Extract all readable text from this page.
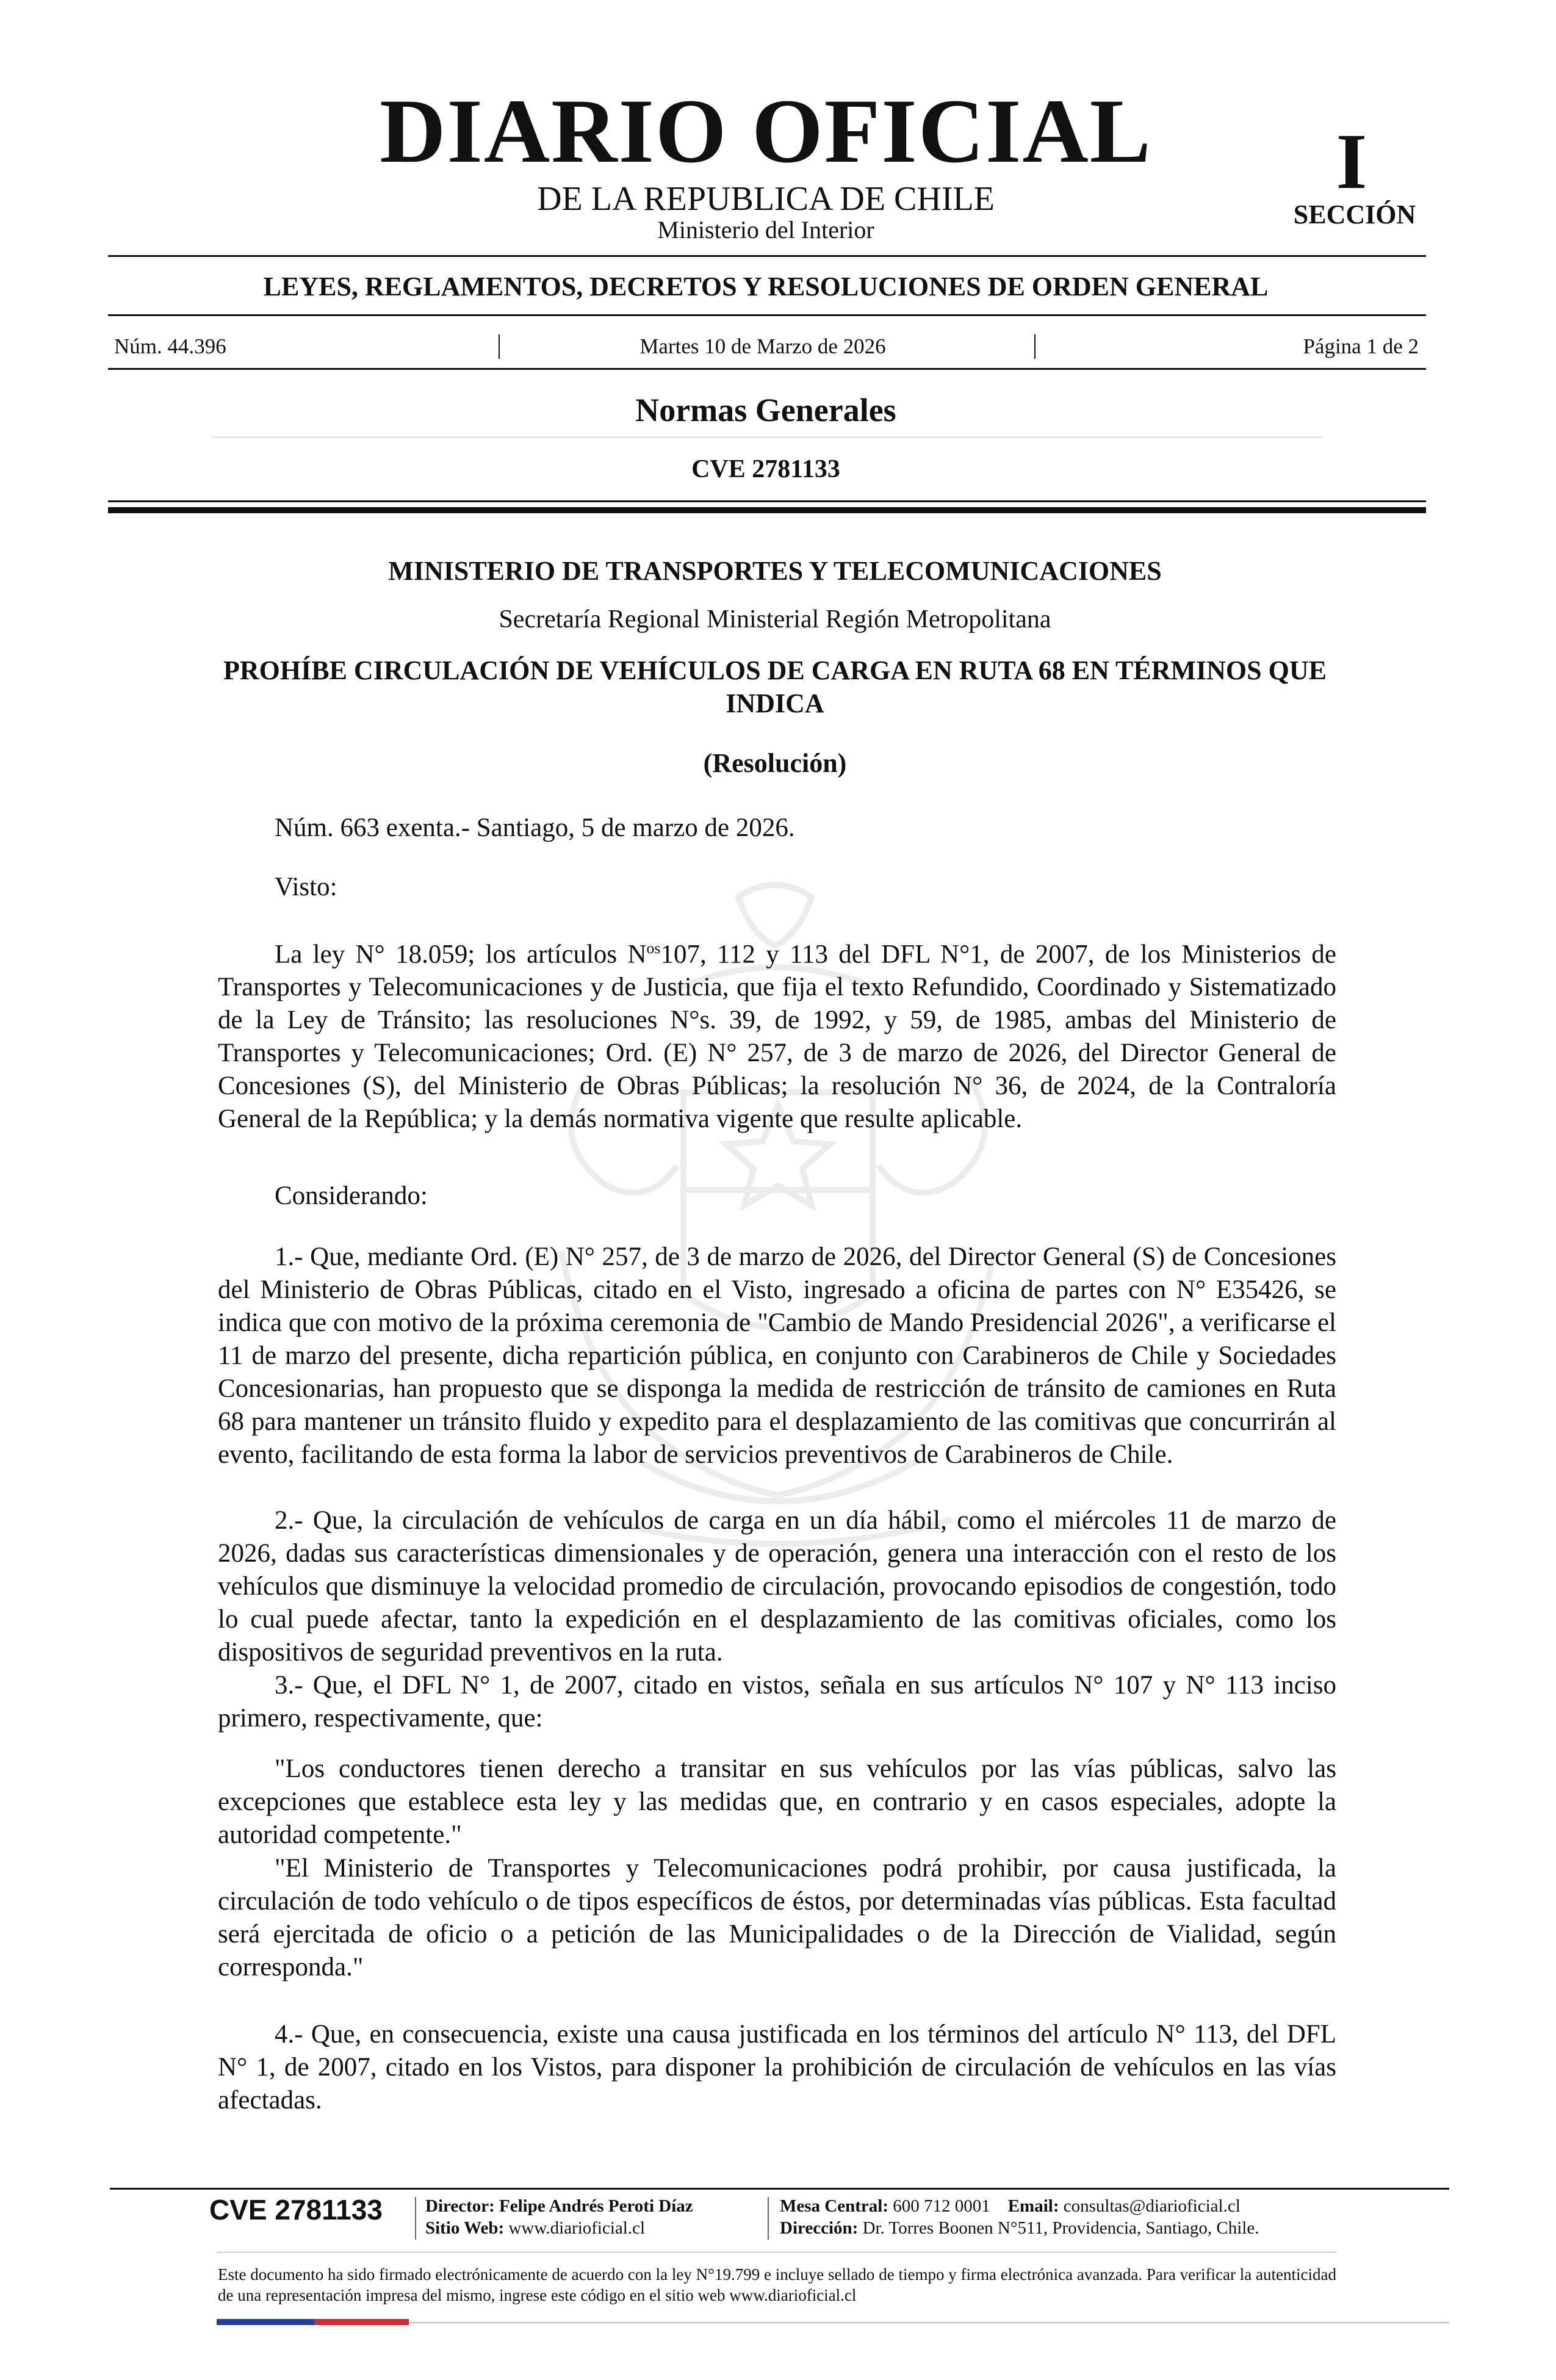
DIARIO OFICIAL
DE LA REPUBLICA DE CHILE
Ministerio del Interior
I
SECCIÓN
LEYES, REGLAMENTOS, DECRETOS Y RESOLUCIONES DE ORDEN GENERAL
Núm. 44.396	Martes 10 de Marzo de 2026	Página 1 de 2
Normas Generales
CVE 2781133
MINISTERIO DE TRANSPORTES Y TELECOMUNICACIONES
Secretaría Regional Ministerial Región Metropolitana
PROHÍBE CIRCULACIÓN DE VEHÍCULOS DE CARGA EN RUTA 68 EN TÉRMINOS QUE INDICA
(Resolución)
Núm. 663 exenta.- Santiago, 5 de marzo de 2026.
Visto:

La ley N° 18.059; los artículos $N^{os}107$, 112 y 113 del DFL N°1, de 2007, de los Ministerios de Transportes y Telecomunicaciones y de Justicia, que fija el texto Refundido, Coordinado y Sistematizado de la Ley de Tránsito; las resoluciones N°s. 39, de 1992, y 59, de 1985, ambas del Ministerio de Transportes y Telecomunicaciones; Ord. (E) N° 257, de 3 de marzo de 2026, del Director General de Concesiones (S), del Ministerio de Obras Públicas; la resolución N° 36, de 2024, de la Contraloría General de la República; y la demás normativa vigente que resulte aplicable.

Considerando:

1.- Que, mediante Ord. (E) N° 257, de 3 de marzo de 2026, del Director General (S) de Concesiones del Ministerio de Obras Públicas, citado en el Visto, ingresado a oficina de partes con N° E35426, se indica que con motivo de la próxima ceremonia de "Cambio de Mando Presidencial 2026", a verificarse el 11 de marzo del presente, dicha repartición pública, en conjunto con Carabineros de Chile y Sociedades Concesionarias, han propuesto que se disponga la medida de restricción de tránsito de camiones en Ruta 68 para mantener un tránsito fluido y expedito para el desplazamiento de las comitivas que concurrirán al evento, facilitando de esta forma la labor de servicios preventivos de Carabineros de Chile.

2.- Que, la circulación de vehículos de carga en un día hábil, como el miércoles 11 de marzo de 2026, dadas sus características dimensionales y de operación, genera una interacción con el resto de los vehículos que disminuye la velocidad promedio de circulación, provocando episodios de congestión, todo lo cual puede afectar, tanto la expedición en el desplazamiento de las comitivas oficiales, como los dispositivos de seguridad preventivos en la ruta.

3.- Que, el DFL N° 1, de 2007, citado en vistos, señala en sus artículos N° 107 y N° 113 inciso primero, respectivamente, que:

"Los conductores tienen derecho a transitar en sus vehículos por las vías públicas, salvo las excepciones que establece esta ley y las medidas que, en contrario y en casos especiales, adopte la autoridad competente."

"El Ministerio de Transportes y Telecomunicaciones podrá prohibir, por causa justificada, la circulación de todo vehículo o de tipos específicos de éstos, por determinadas vías públicas. Esta facultad será ejercitada de oficio o a petición de las Municipalidades o de la Dirección de Vialidad, según corresponda."

4.- Que, en consecuencia, existe una causa justificada en los términos del artículo N° 113, del DFL N° 1, de 2007, citado en los Vistos, para disponer la prohibición de circulación de vehículos en las vías afectadas.

CVE 2781133 Director: Felipe Andrés Peroti Díaz
Sitio Web: www.diarioficial.cl
Mesa Central: 600 712 0001 Email: consultas@diarioficial.cl
Dirección: Dr. Torres Boonen N°511, Providencia, Santiago, Chile.
Este documento ha sido firmado electrónicamente de acuerdo con la ley N°19.799 e incluye sellado de tiempo y firma electrónica avanzada. Para verificar la autenticidad de una representación impresa del mismo, ingrese este código en el sitio web www.diarioficial.cl
